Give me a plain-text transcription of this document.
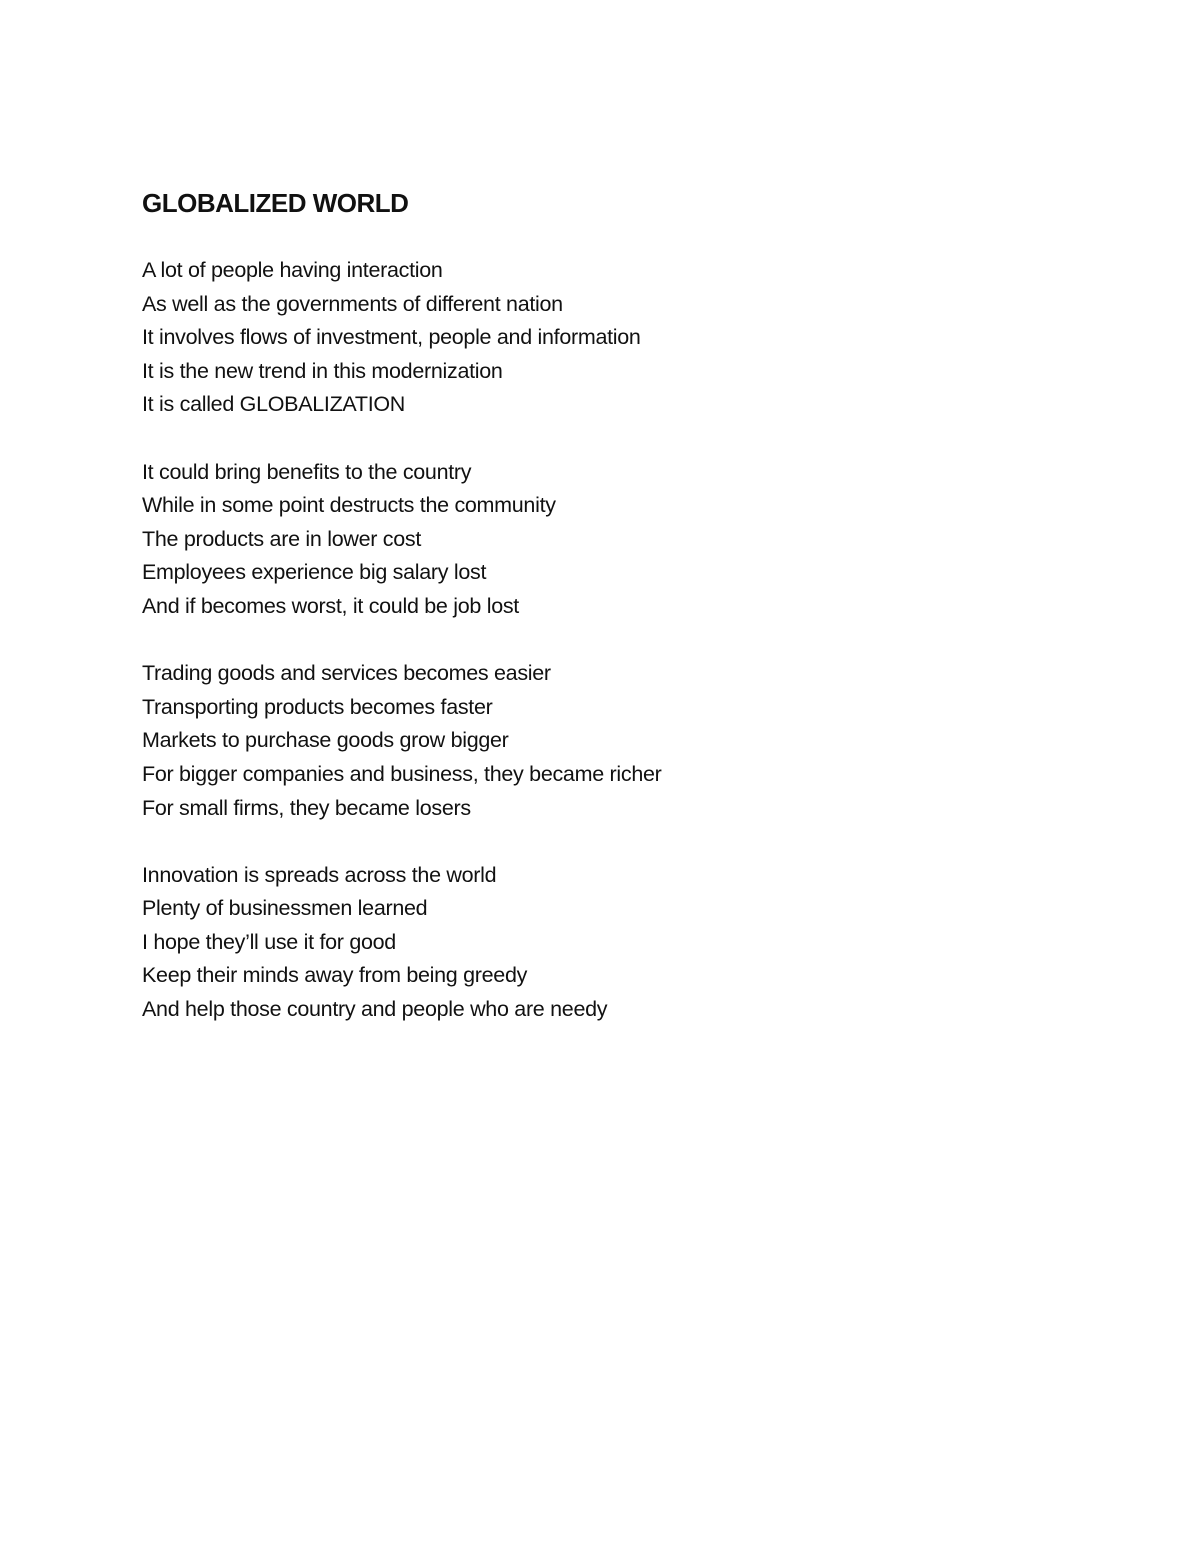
GLOBALIZED WORLD
A lot of people having interaction
As well as the governments of different nation
It involves flows of investment, people and information
It is the new trend in this modernization
It is called GLOBALIZATION
It could bring benefits to the country
While in some point destructs the community
The products are in lower cost
Employees experience big salary lost
And if becomes worst, it could be job lost
Trading goods and services becomes easier
Transporting products becomes faster
Markets to purchase goods grow bigger
For bigger companies and business, they became richer
For small firms, they became losers
Innovation is spreads across the world
Plenty of businessmen learned
I hope they’ll use it for good
Keep their minds away from being greedy
And help those country and people who are needy
